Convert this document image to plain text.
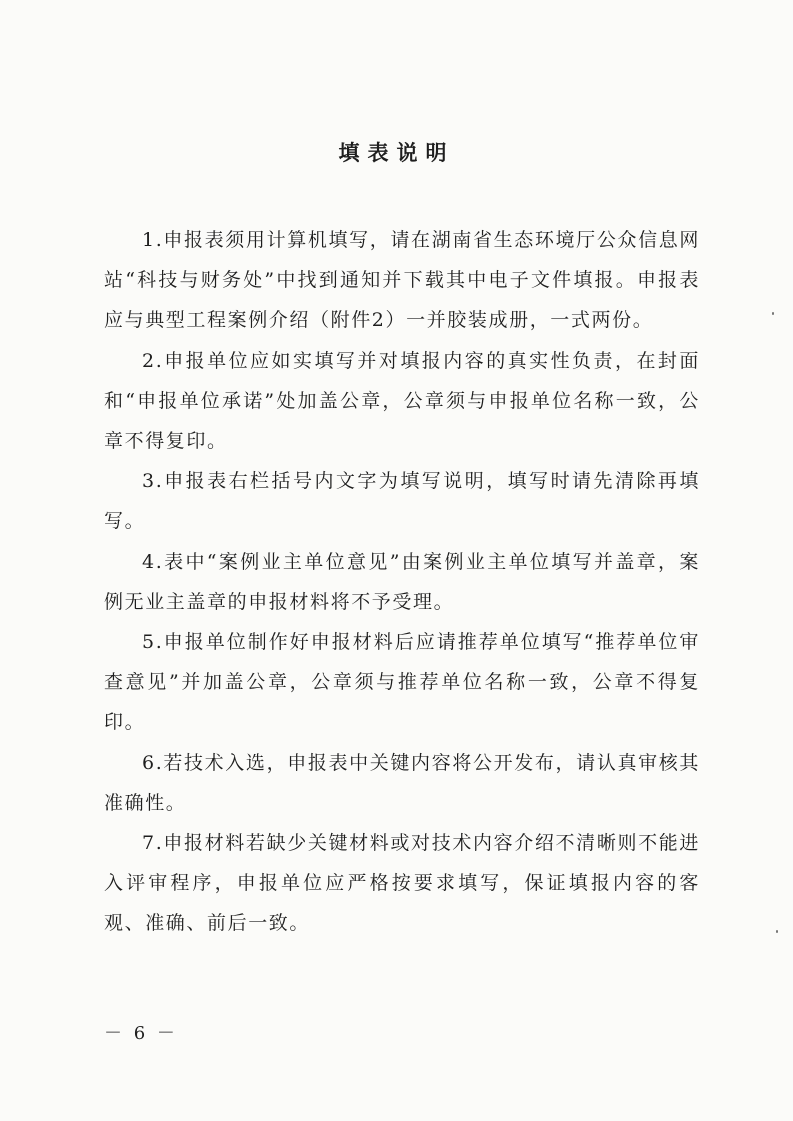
填表说明

1.申报表须用计算机填写，请在湖南省生态环境厅公众信息网站“科技与财务处”中找到通知并下载其中电子文件填报。申报表应与典型工程案例介绍（附件2）一并胶装成册，一式两份。

2.申报单位应如实填写并对填报内容的真实性负责，在封面和“申报单位承诺”处加盖公章，公章须与申报单位名称一致，公章不得复印。

3.申报表右栏括号内文字为填写说明，填写时请先清除再填写。

4.表中“案例业主单位意见”由案例业主单位填写并盖章，案例无业主盖章的申报材料将不予受理。

5.申报单位制作好申报材料后应请推荐单位填写“推荐单位审查意见”并加盖公章，公章须与推荐单位名称一致，公章不得复印。

6.若技术入选，申报表中关键内容将公开发布，请认真审核其准确性。

7.申报材料若缺少关键材料或对技术内容介绍不清晰则不能进入评审程序，申报单位应严格按要求填写，保证填报内容的客观、准确、前后一致。

－ 6 －
